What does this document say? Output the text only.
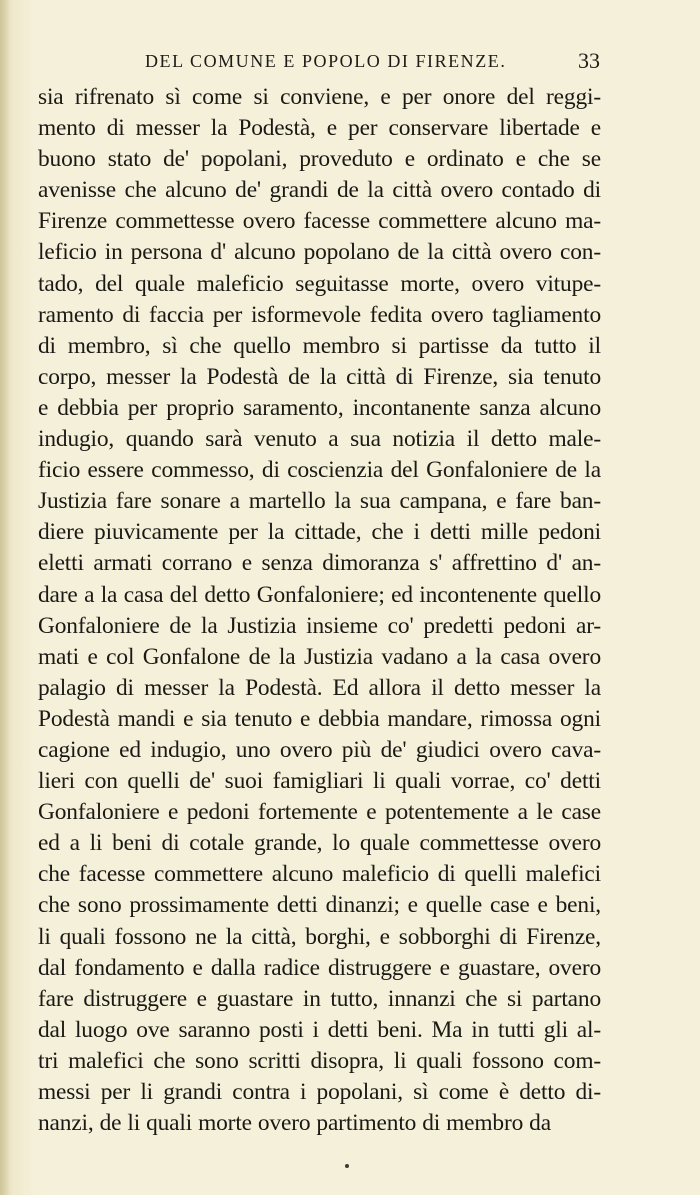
DEL COMUNE E POPOLO DI FIRENZE.	33
sia rifrenato sì come si conviene, e per onore del reggi-
mento di messer la Podestà, e per conservare libertade e
buono stato de' popolani, proveduto e ordinato e che se
avenisse che alcuno de' grandi de la città overo contado di
Firenze commettesse overo facesse commettere alcuno ma-
leficio in persona d' alcuno popolano de la città overo con-
tado, del quale maleficio seguitasse morte, overo vitupe-
ramento di faccia per isformevole fedita overo tagliamento
di membro, sì che quello membro si partisse da tutto il
corpo, messer la Podestà de la città di Firenze, sia tenuto
e debbia per proprio saramento, incontanente sanza alcuno
indugio, quando sarà venuto a sua notizia il detto male-
ficio essere commesso, di coscienzia del Gonfaloniere de la
Justizia fare sonare a martello la sua campana, e fare ban-
diere piuvicamente per la cittade, che i detti mille pedoni
eletti armati corrano e senza dimoranza s' affrettino d' an-
dare a la casa del detto Gonfaloniere; ed incontenente quello
Gonfaloniere de la Justizia insieme co' predetti pedoni ar-
mati e col Gonfalone de la Justizia vadano a la casa overo
palagio di messer la Podestà. Ed allora il detto messer la
Podestà mandi e sia tenuto e debbia mandare, rimossa ogni
cagione ed indugio, uno overo più de' giudici overo cava-
lieri con quelli de' suoi famigliari li quali vorrae, co' detti
Gonfaloniere e pedoni fortemente e potentemente a le case
ed a li beni di cotale grande, lo quale commettesse overo
che facesse commettere alcuno maleficio di quelli malefici
che sono prossimamente detti dinanzi; e quelle case e beni,
li quali fossono ne la città, borghi, e sobborghi di Firenze,
dal fondamento e dalla radice distruggere e guastare, overo
fare distruggere e guastare in tutto, innanzi che si partano
dal luogo ove saranno posti i detti beni. Ma in tutti gli al-
tri malefici che sono scritti disopra, li quali fossono com-
messi per li grandi contra i popolani, sì come è detto di-
nanzi, de li quali morte overo partimento di membro da
